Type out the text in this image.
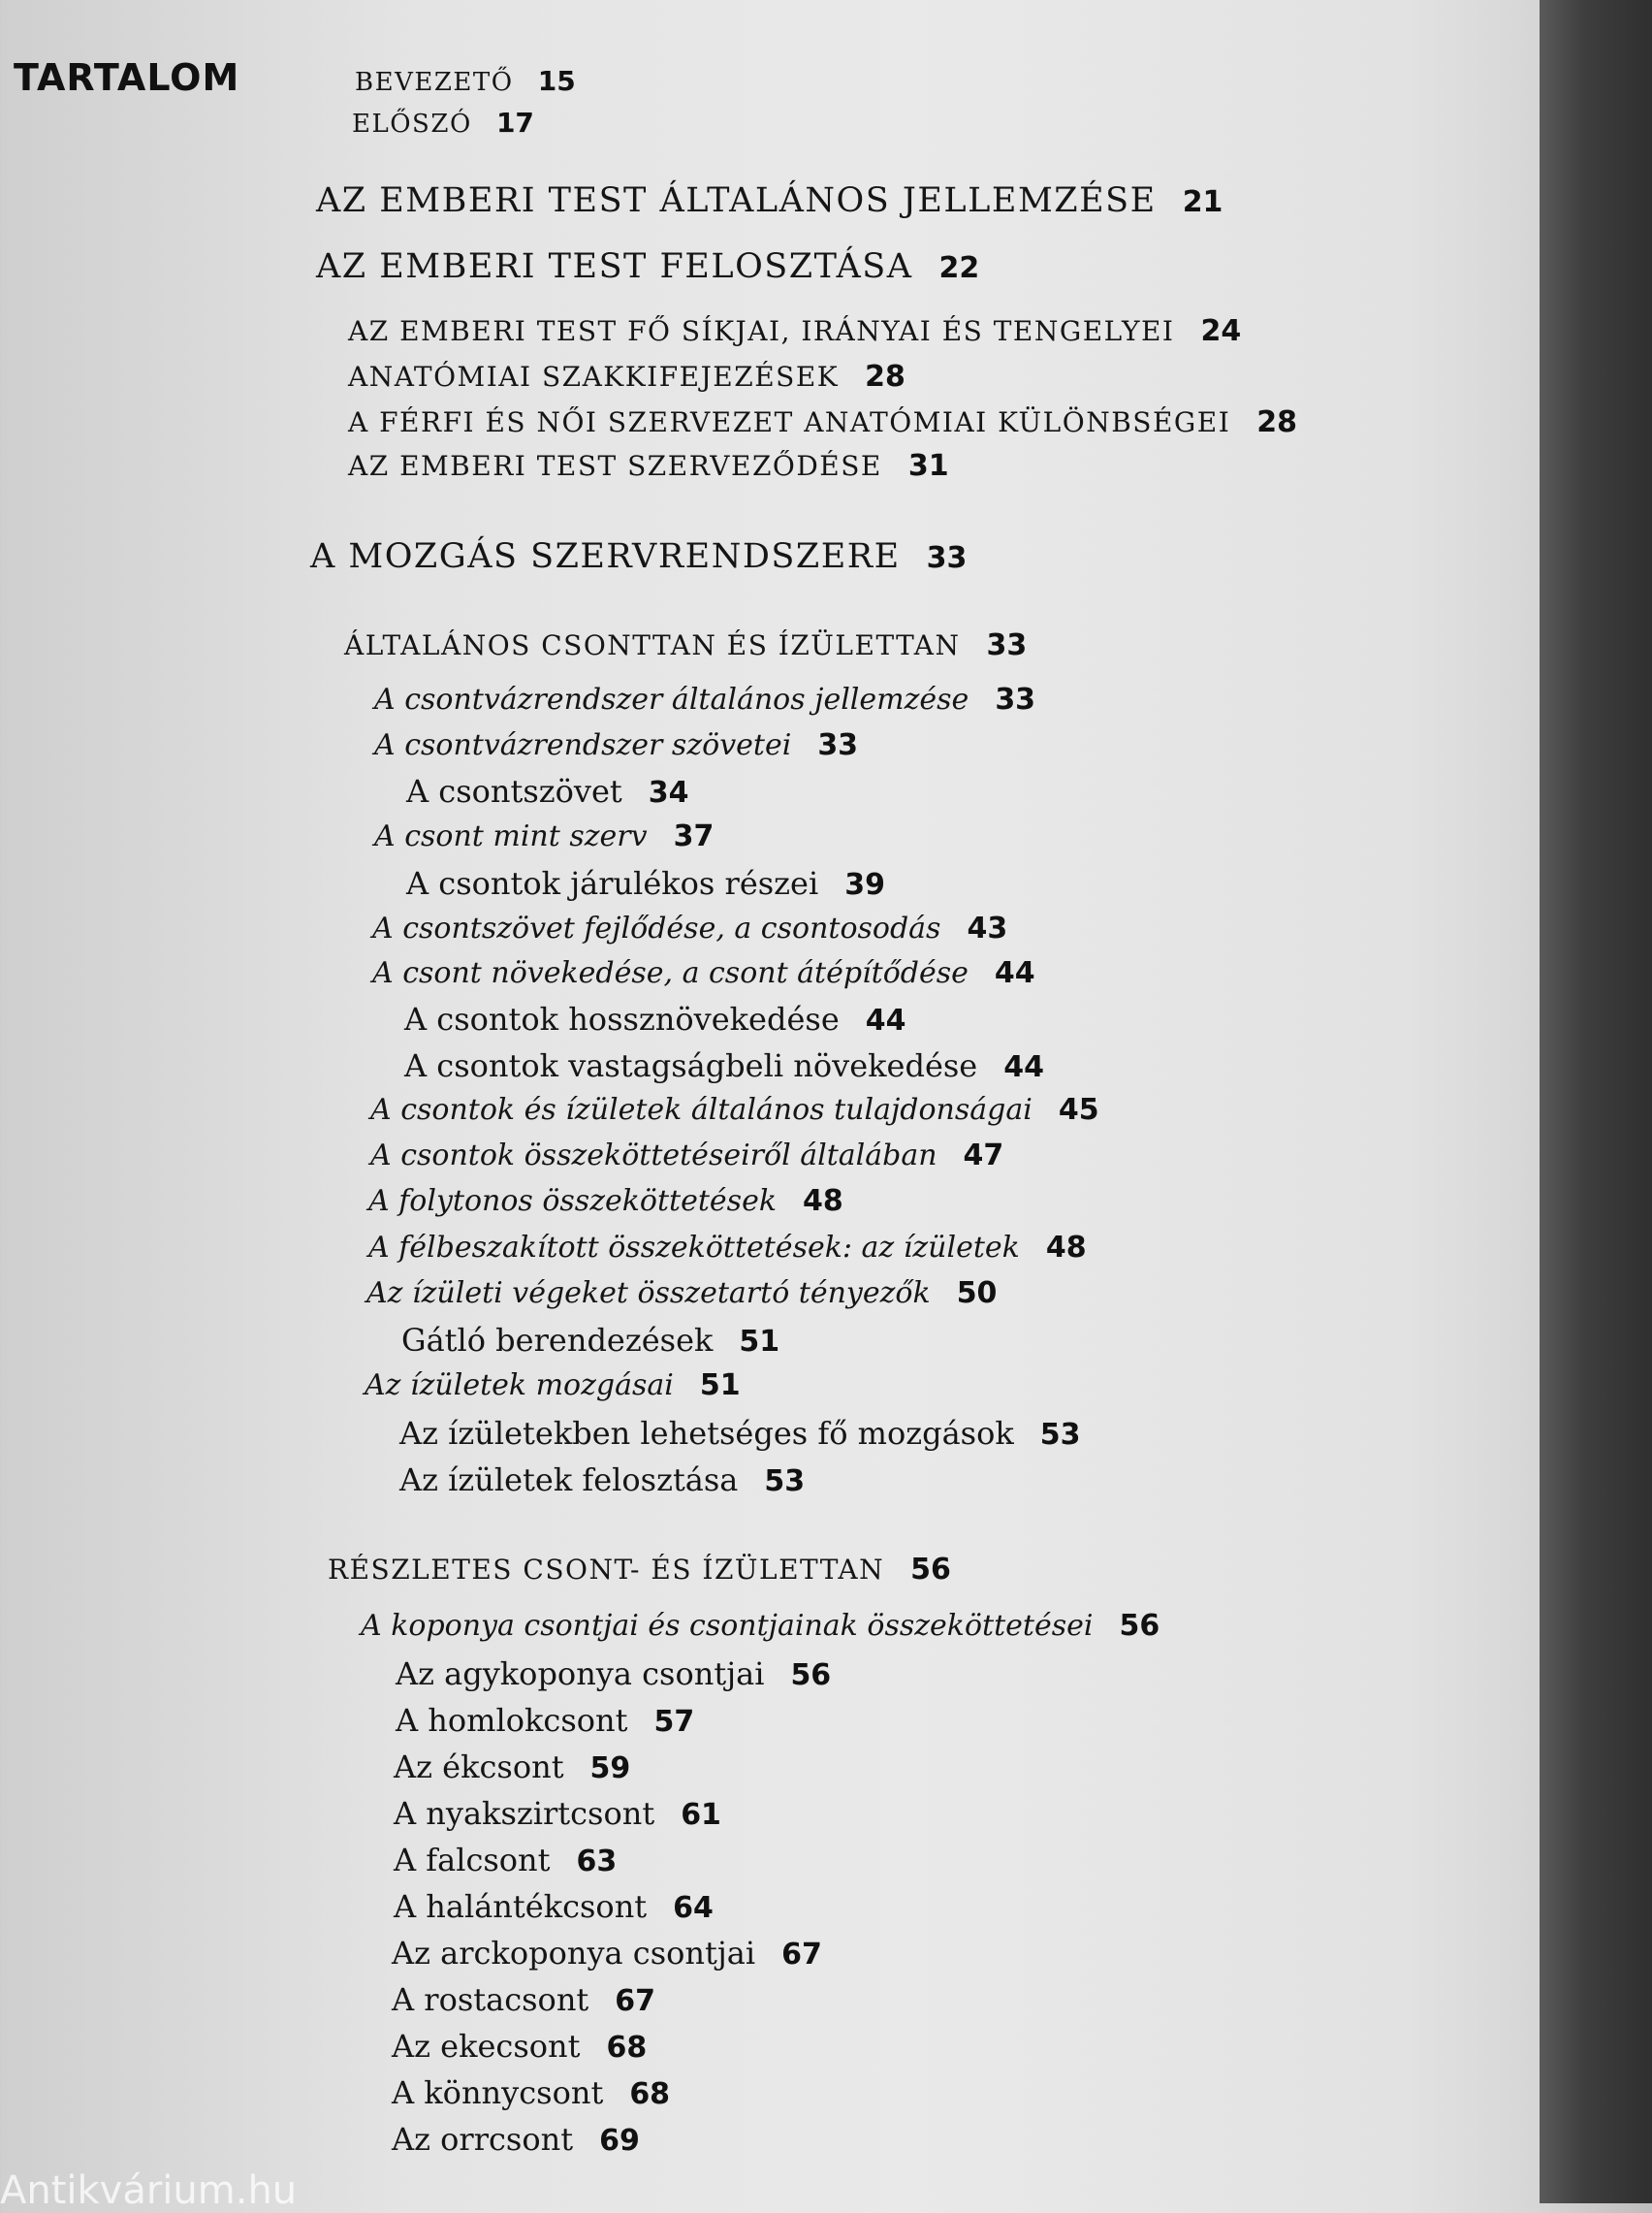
TARTALOM	BEVEZETŐ 15
ELŐSZÓ 17
AZ EMBERI TEST ÁLTALÁNOS JELLEMZÉSE 21
AZ EMBERI TEST FELOSZTÁSA 22
AZ EMBERI TEST FŐ SÍKJAI, IRÁNYAI ÉS TENGELYEI 24
ANATÓMIAI SZAKKIFEJEZÉSEK 28
A FÉRFI ÉS NŐI SZERVEZET ANATÓMIAI KÜLÖNBSÉGEI 28
AZ EMBERI TEST SZERVEZŐDÉSE 31
A MOZGÁS SZERVRENDSZERE 33
ÁLTALÁNOS CSONTTAN ÉS ÍZÜLETTAN 33
A csontvázrendszer általános jellemzése 33
A csontvázrendszer szövetei 33
A csontszövet 34
A csont mint szerv 37
A csontok járulékos részei 39
A csontszövet fejlődése, a csontosodás 43
A csont növekedése, a csont átépítődése 44
A csontok hossznövekedése 44
A csontok vastagságbeli növekedése 44
A csontok és ízületek általános tulajdonságai 45
A csontok összeköttetéseiről általában 47
A folytonos összeköttetések 48
A félbeszakított összeköttetések: az ízületek 48
Az ízületi végeket összetartó tényezők 50
Gátló berendezések 51
Az ízületek mozgásai 51
Az ízületekben lehetséges fő mozgások 53
Az ízületek felosztása 53
RÉSZLETES CSONT- ÉS ÍZÜLETTAN 56
A koponya csontjai és csontjainak összeköttetései 56
Az agykoponya csontjai 56
A homlokcsont 57
Az ékcsont 59
A nyakszirtcsont 61
A falcsont 63
A halántékcsont 64
Az arckoponya csontjai 67
A rostacsont 67
Az ekecsont 68
A könnycsont 68
Az orrcsont 69
Antikvárium.hu
